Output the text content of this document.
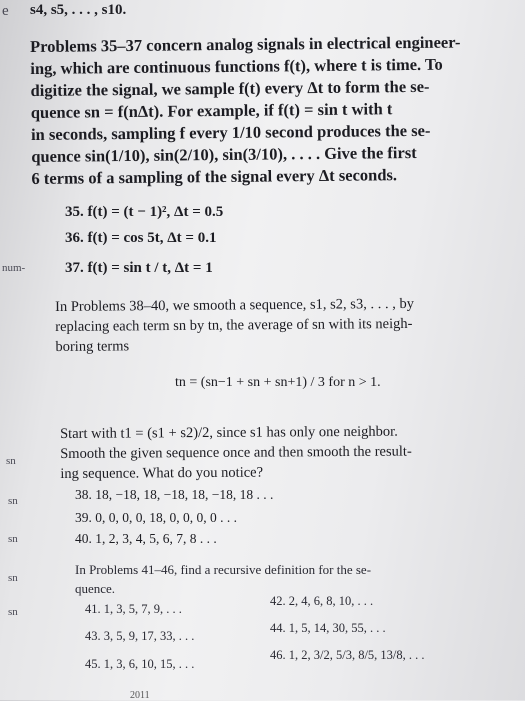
e s4, s5, . . . , s10.
Problems 35–37 concern analog signals in electrical engineer-
ing, which are continuous functions f(t), where t is time. To
digitize the signal, we sample f(t) every Δt to form the se-
quence sn = f(nΔt). For example, if f(t) = sin t with t
in seconds, sampling f every 1/10 second produces the se-
quence sin(1/10), sin(2/10), sin(3/10), . . . . Give the first
6 terms of a sampling of the signal every Δt seconds.
35. f(t) = (t − 1)², Δt = 0.5
36. f(t) = cos 5t, Δt = 0.1
37. f(t) = sin t / t, Δt = 1
In Problems 38–40, we smooth a sequence, s1, s2, s3, . . . , by
replacing each term sn by tn, the average of sn with its neigh-
boring terms
tn = (sn−1 + sn + sn+1) / 3 for n > 1.
Start with t1 = (s1 + s2)/2, since s1 has only one neighbor.
Smooth the given sequence once and then smooth the result-
ing sequence. What do you notice?
38. 18, −18, 18, −18, 18, −18, 18 . . .
39. 0, 0, 0, 0, 18, 0, 0, 0, 0 . . .
40. 1, 2, 3, 4, 5, 6, 7, 8 . . .
In Problems 41–46, find a recursive definition for the se-
quence.
41. 1, 3, 5, 7, 9, . . .
42. 2, 4, 6, 8, 10, . . .
43. 3, 5, 9, 17, 33, . . .
44. 1, 5, 14, 30, 55, . . .
45. 1, 3, 6, 10, 15, . . .
46. 1, 2, 3/2, 5/3, 8/5, 13/8, . . .
num-
sn
sn
sn
sn
sn
2011
